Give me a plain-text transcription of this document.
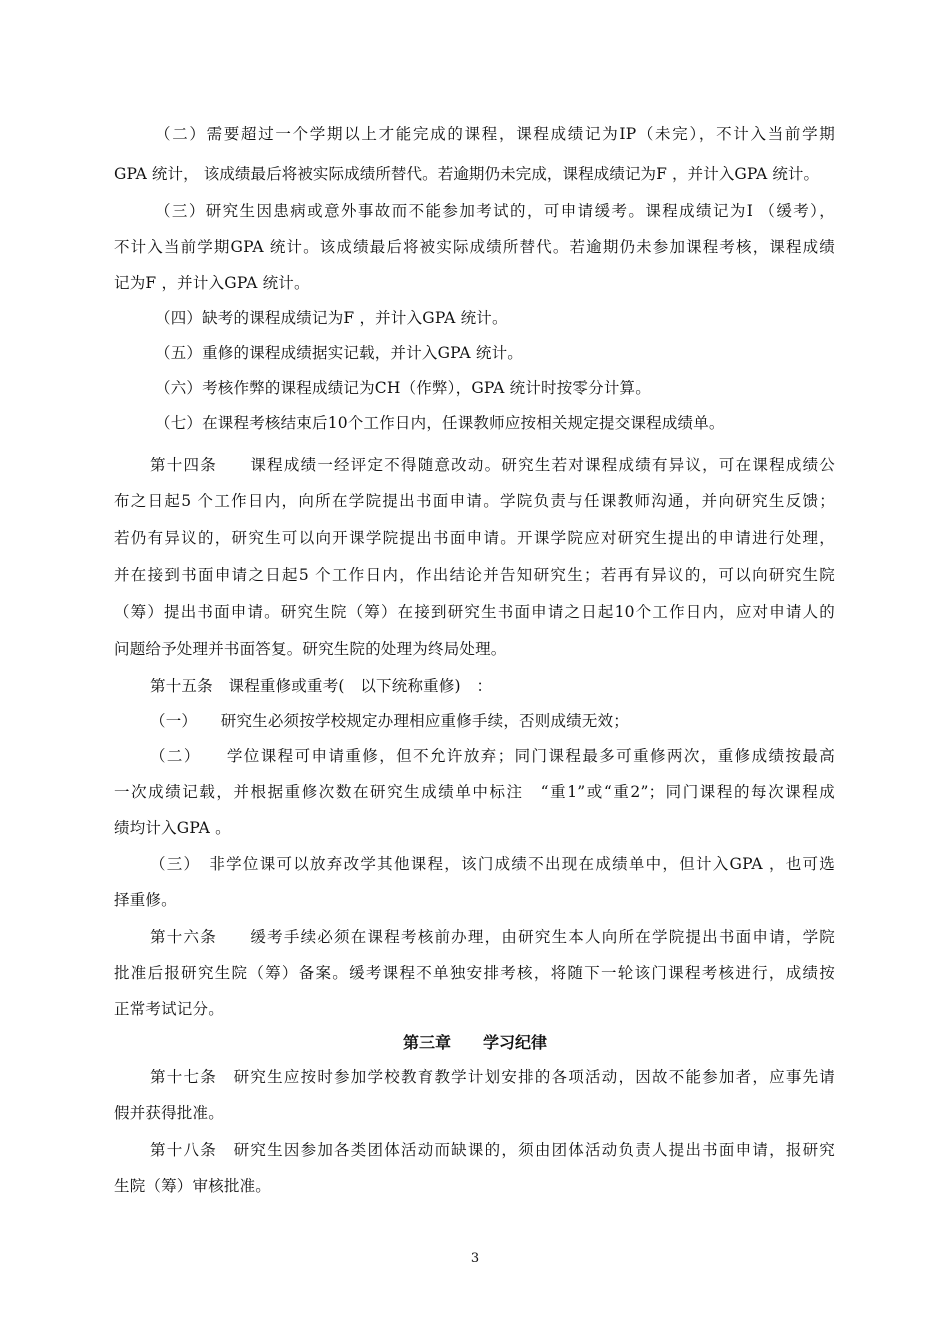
（二）需要超过一个学期以上才能完成的课程，课程成绩记为IP（未完），不计入当前学期
GPA 统计， 该成绩最后将被实际成绩所替代。若逾期仍未完成，课程成绩记为F ，并计入GPA 统计。
（三）研究生因患病或意外事故而不能参加考试的，可申请缓考。课程成绩记为I （缓考），
不计入当前学期GPA 统计。该成绩最后将被实际成绩所替代。若逾期仍未参加课程考核，课程成绩
记为F ，并计入GPA 统计。
（四）缺考的课程成绩记为F ，并计入GPA 统计。
（五）重修的课程成绩据实记载，并计入GPA 统计。
（六）考核作弊的课程成绩记为CH（作弊），GPA 统计时按零分计算。
（七）在课程考核结束后10个工作日内，任课教师应按相关规定提交课程成绩单。
第十四条　　课程成绩一经评定不得随意改动。研究生若对课程成绩有异议，可在课程成绩公
布之日起5 个工作日内，向所在学院提出书面申请。学院负责与任课教师沟通，并向研究生反馈；
若仍有异议的，研究生可以向开课学院提出书面申请。开课学院应对研究生提出的申请进行处理，
并在接到书面申请之日起5 个工作日内，作出结论并告知研究生；若再有异议的，可以向研究生院
（筹）提出书面申请。研究生院（筹）在接到研究生书面申请之日起10个工作日内，应对申请人的
问题给予处理并书面答复。研究生院的处理为终局处理。
第十五条　课程重修或重考(　以下统称重修)　：
（一）　　研究生必须按学校规定办理相应重修手续，否则成绩无效；
（二）　　学位课程可申请重修，但不允许放弃；同门课程最多可重修两次，重修成绩按最高
一次成绩记载，并根据重修次数在研究生成绩单中标注　“重1”或“重2”；同门课程的每次课程成
绩均计入GPA 。
（三）　非学位课可以放弃改学其他课程，该门成绩不出现在成绩单中，但计入GPA ，也可选
择重修。
第十六条　　缓考手续必须在课程考核前办理，由研究生本人向所在学院提出书面申请，学院
批准后报研究生院（筹）备案。缓考课程不单独安排考核，将随下一轮该门课程考核进行，成绩按
正常考试记分。
第三章　　学习纪律
第十七条　研究生应按时参加学校教育教学计划安排的各项活动，因故不能参加者，应事先请
假并获得批准。
第十八条　研究生因参加各类团体活动而缺课的，须由团体活动负责人提出书面申请，报研究
生院（筹）审核批准。
3
